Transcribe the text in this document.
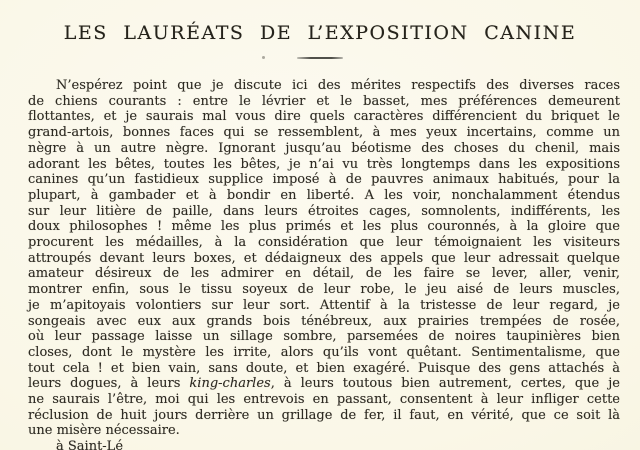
LES LAURÉATS DE L’EXPOSITION CANINE
N’espérez point que je discute ici des mérites respectifs des diverses races
de chiens courants : entre le lévrier et le basset, mes préférences demeurent
flottantes, et je saurais mal vous dire quels caractères différencient du briquet le
grand-artois, bonnes faces qui se ressemblent, à mes yeux incertains, comme un
nègre à un autre nègre. Ignorant jusqu’au béotisme des choses du chenil, mais
adorant les bêtes, toutes les bêtes, je n’ai vu très longtemps dans les expositions
canines qu’un fastidieux supplice imposé à de pauvres animaux habitués, pour la
plupart, à gambader et à bondir en liberté. A les voir, nonchalamment étendus
sur leur litière de paille, dans leurs étroites cages, somnolents, indifférents, les
doux philosophes ! même les plus primés et les plus couronnés, à la gloire que
procurent les médailles, à la considération que leur témoignaient les visiteurs
attroupés devant leurs boxes, et dédaigneux des appels que leur adressait quelque
amateur désireux de les admirer en détail, de les faire se lever, aller, venir,
montrer enfin, sous le tissu soyeux de leur robe, le jeu aisé de leurs muscles,
je m’apitoyais volontiers sur leur sort. Attentif à la tristesse de leur regard, je
songeais avec eux aux grands bois ténébreux, aux prairies trempées de rosée,
où leur passage laisse un sillage sombre, parsemées de noires taupinières bien
closes, dont le mystère les irrite, alors qu’ils vont quêtant. Sentimentalisme, que
tout cela ! et bien vain, sans doute, et bien exagéré. Puisque des gens attachés à
leurs dogues, à leurs king-charles, à leurs toutous bien autrement, certes, que je
ne saurais l’être, moi qui les entrevois en passant, consentent à leur infliger cette
réclusion de huit jours derrière un grillage de fer, il faut, en vérité, que ce soit là
une misère nécessaire.
à Saint-Lé
